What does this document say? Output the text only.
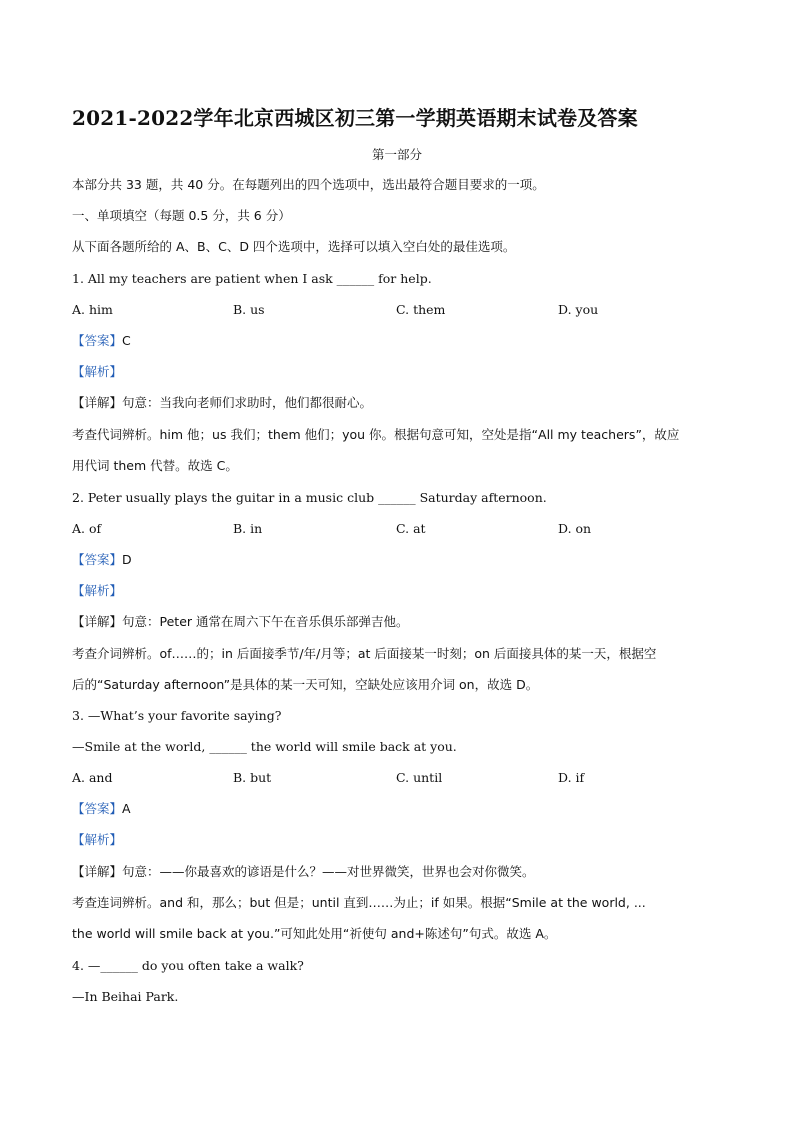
2021-2022学年北京西城区初三第一学期英语期末试卷及答案
第一部分
本部分共 33 题，共 40 分。在每题列出的四个选项中，选出最符合题目要求的一项。
一、单项填空（每题 0.5 分，共 6 分）
从下面各题所给的 A、B、C、D 四个选项中，选择可以填入空白处的最佳选项。
1. All my teachers are patient when I ask ______ for help.
A. him	B. us	C. them	D. you
【答案】C
【解析】
【详解】句意：当我向老师们求助时，他们都很耐心。
考查代词辨析。him 他；us 我们；them 他们；you 你。根据句意可知，空处是指“All my teachers”，故应
用代词 them 代替。故选 C。
2. Peter usually plays the guitar in a music club ______ Saturday afternoon.
A. of	B. in	C. at	D. on
【答案】D
【解析】
【详解】句意：Peter 通常在周六下午在音乐俱乐部弹吉他。
考查介词辨析。of……的；in 后面接季节/年/月等；at 后面接某一时刻；on 后面接具体的某一天，根据空
后的“Saturday afternoon”是具体的某一天可知，空缺处应该用介词 on，故选 D。
3. —What’s your favorite saying?
—Smile at the world, ______ the world will smile back at you.
A. and	B. but	C. until	D. if
【答案】A
【解析】
【详解】句意：——你最喜欢的谚语是什么？——对世界微笑，世界也会对你微笑。
考查连词辨析。and 和，那么；but 但是；until 直到……为止；if 如果。根据“Smile at the world, ...
the world will smile back at you.”可知此处用“祈使句 and+陈述句”句式。故选 A。
4. —______ do you often take a walk?
—In Beihai Park.
